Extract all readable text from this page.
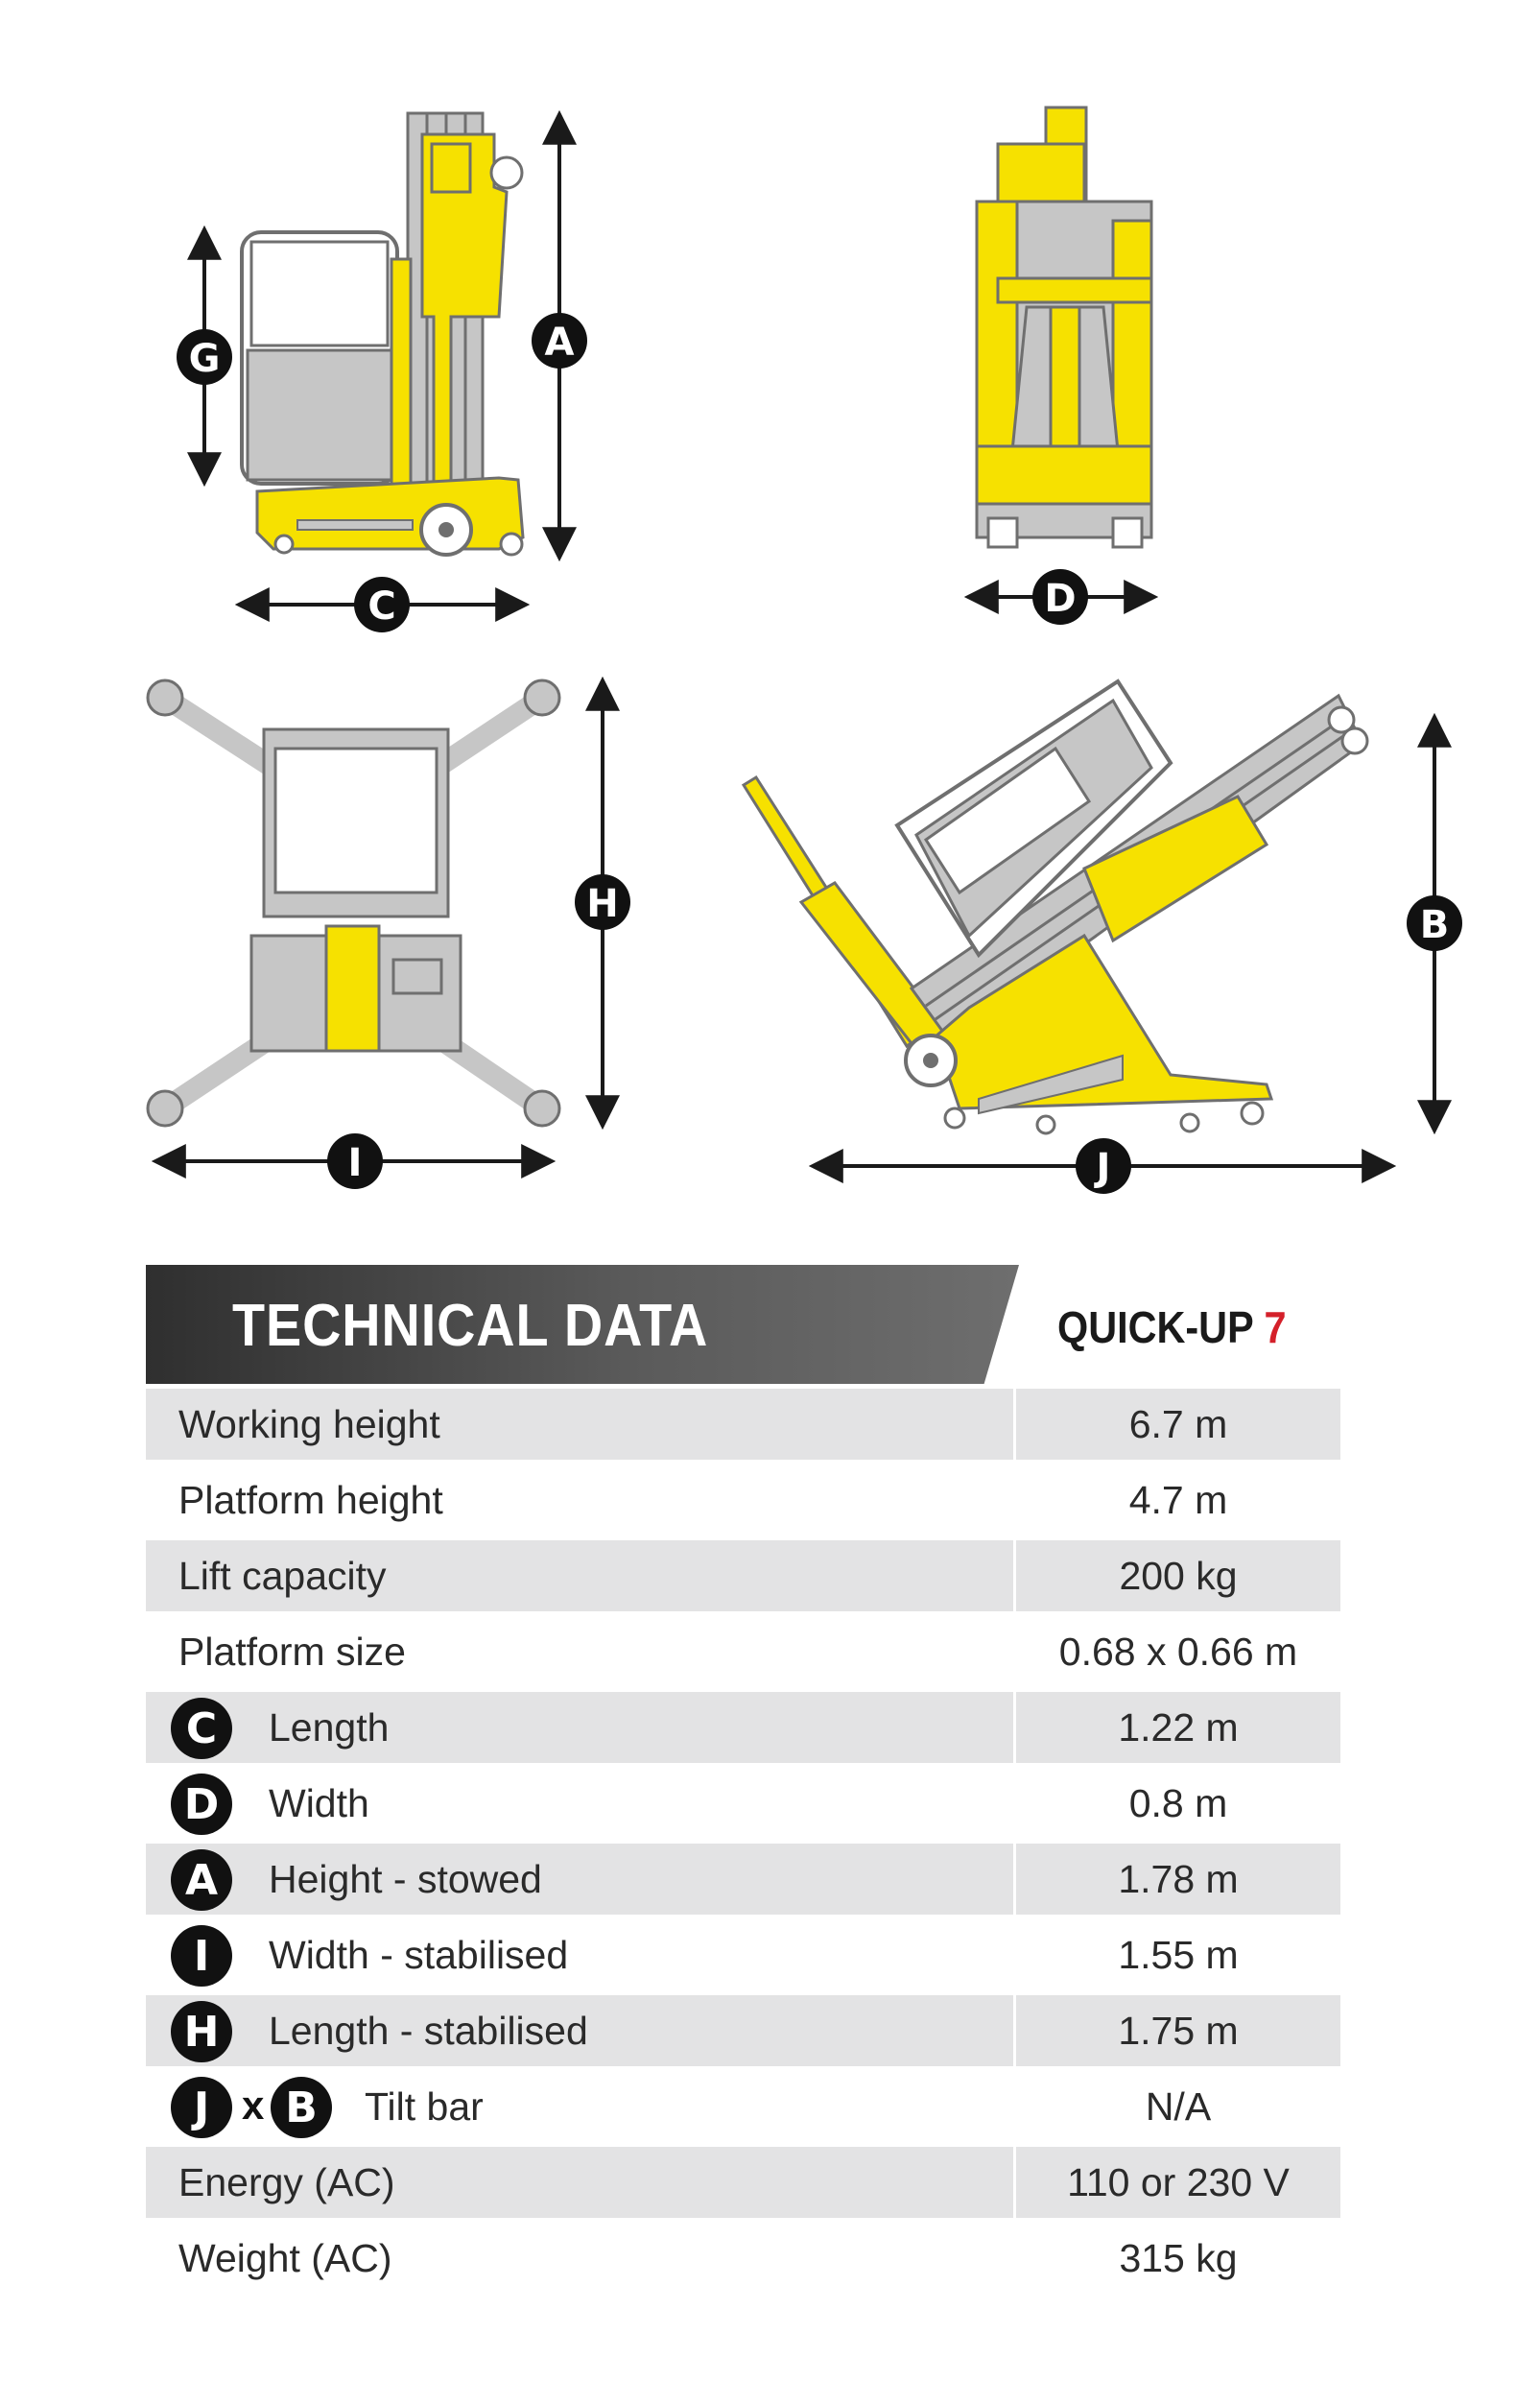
A
G
C	D
H
I
B
J
TECHNICAL DATA	QUICK-UP 7
Working height	6.7 m
Platform height	4.7 m
Lift capacity	200 kg
Platform size	0.68 x 0.66 m
C	Length	1.22 m
D	Width	0.8 m
A	Height - stowed	1.78 m
I	Width - stabilised	1.55 m
H	Length - stabilised	1.75 m
J x B	Tilt bar	N/A
Energy (AC)	110 or 230 V
Weight (AC)	315 kg
